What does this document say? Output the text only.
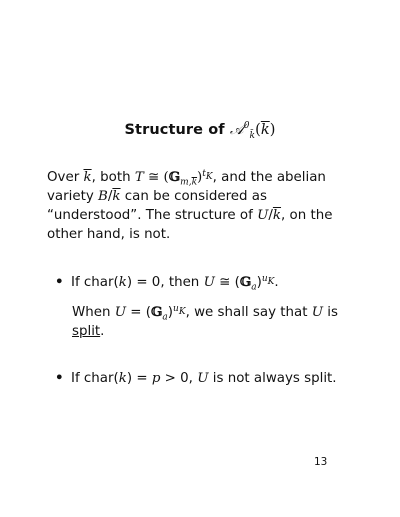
Structure of $𝒜^0_{k̄}(\overline{k})$
Over $\overline{k}$, both T ≅ (𝔾$_{m,\overline{k}}$)$^{t_K}$, and the abelian variety $B/\overline{k}$ can be considered as “understood”. The structure of $U/\overline{k}$, on the other hand, is not.
• If char(k) = 0, then U ≅ (𝔾$_a$)$^{u_K}$.
When U = (𝔾$_a$)$^{u_K}$, we shall say that U is split.
• If char(k) = p > 0, U is not always split.
13
